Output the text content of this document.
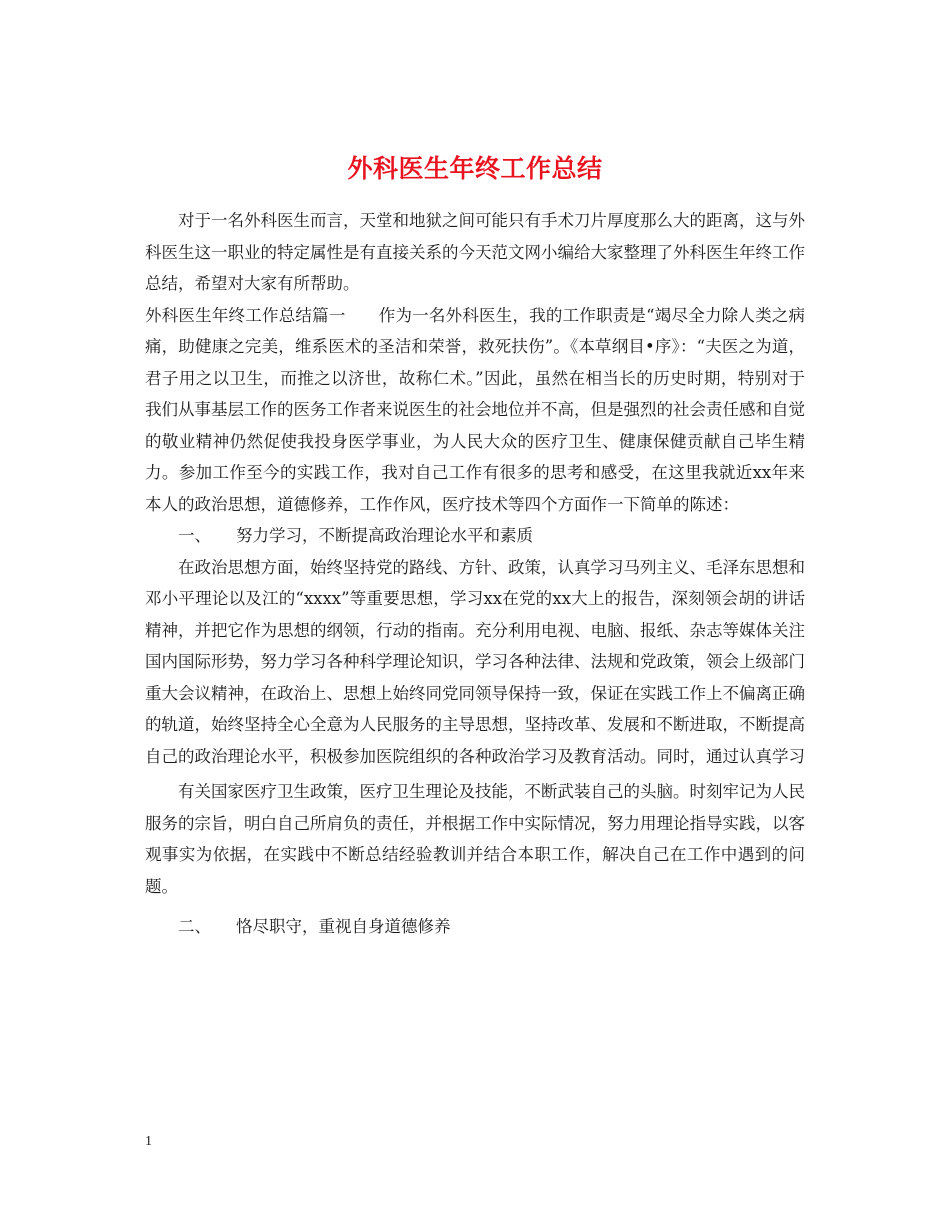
外科医生年终工作总结

对于一名外科医生而言，天堂和地狱之间可能只有手术刀片厚度那么大的距离，这与外科医生这一职业的特定属性是有直接关系的今天范文网小编给大家整理了外科医生年终工作总结，希望对大家有所帮助。

外科医生年终工作总结篇一   作为一名外科医生，我的工作职责是“竭尽全力除人类之病痛，助健康之完美，维系医术的圣洁和荣誉，救死扶伤”。《本草纲目•序》：“夫医之为道，君子用之以卫生，而推之以济世，故称仁术。”因此，虽然在相当长的历史时期，特别对于我们从事基层工作的医务工作者来说医生的社会地位并不高，但是强烈的社会责任感和自觉的敬业精神仍然促使我投身医学事业，为人民大众的医疗卫生、健康保健贡献自己毕生精力。参加工作至今的实践工作，我对自己工作有很多的思考和感受，在这里我就近xx年来本人的政治思想，道德修养，工作作风，医疗技术等四个方面作一下简单的陈述：

一、 努力学习，不断提高政治理论水平和素质

在政治思想方面，始终坚持党的路线、方针、政策，认真学习马列主义、毛泽东思想和邓小平理论以及江的“xxxx”等重要思想，学习xx在党的xx大上的报告，深刻领会胡的讲话精神，并把它作为思想的纲领，行动的指南。充分利用电视、电脑、报纸、杂志等媒体关注国内国际形势，努力学习各种科学理论知识，学习各种法律、法规和党政策，领会上级部门重大会议精神，在政治上、思想上始终同党同领导保持一致，保证在实践工作上不偏离正确的轨道，始终坚持全心全意为人民服务的主导思想，坚持改革、发展和不断进取，不断提高自己的政治理论水平，积极参加医院组织的各种政治学习及教育活动。同时，通过认真学习

有关国家医疗卫生政策，医疗卫生理论及技能，不断武装自己的头脑。时刻牢记为人民服务的宗旨，明白自己所肩负的责任，并根据工作中实际情况，努力用理论指导实践，以客观事实为依据，在实践中不断总结经验教训并结合本职工作，解决自己在工作中遇到的问题。

二、 恪尽职守，重视自身道德修养

1
